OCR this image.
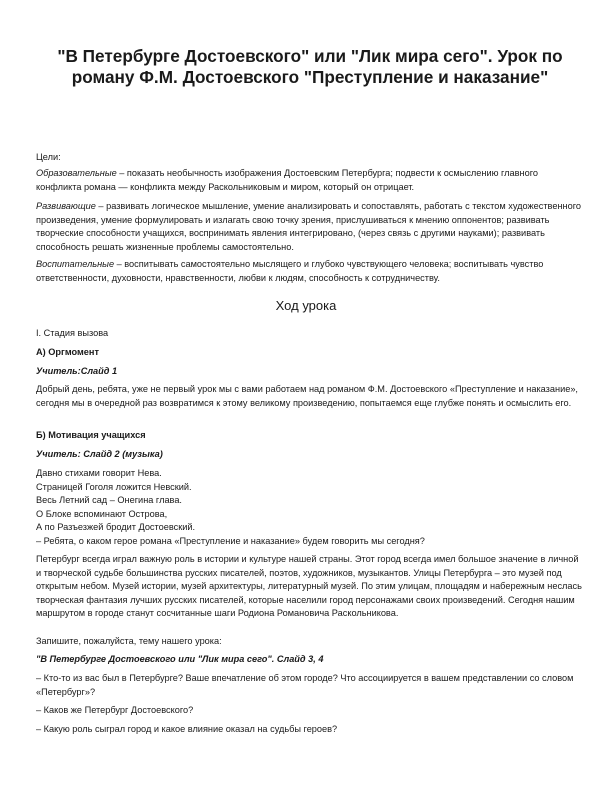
"В Петербурге Достоевского" или "Лик мира сего". Урок по роману Ф.М. Достоевского "Преступление и наказание"

Цели:

Образовательные – показать необычность изображения Достоевским Петербурга; подвести к осмыслению главного конфликта романа — конфликта между Раскольниковым и миром, который он отрицает.

Развивающие – развивать логическое мышление, умение анализировать и сопоставлять, работать с текстом художественного произведения, умение формулировать и излагать свою точку зрения, прислушиваться к мнению оппонентов; развивать творческие способности учащихся, воспринимать явления интегрировано, (через связь с другими науками); развивать способность решать жизненные проблемы самостоятельно.

Воспитательные – воспитывать самостоятельно мыслящего и глубоко чувствующего человека; воспитывать чувство ответственности, духовности, нравственности, любви к людям, способность к сотрудничеству.

Ход урока

I. Стадия вызова

А) Оргмомент

Учитель:Слайд 1

Добрый день, ребята, уже не первый урок мы с вами работаем над романом Ф.М. Достоевского «Преступление и наказание», сегодня мы в очередной раз возвратимся к этому великому произведению, попытаемся еще глубже понять и осмыслить его.

Б) Мотивация учащихся

Учитель: Слайд 2 (музыка)

Давно стихами говорит Нева.

Страницей Гоголя ложится Невский.

Весь Летний сад – Онегина глава.

О Блоке вспоминают Острова,

А по Разъезжей бродит Достоевский.

– Ребята, о каком герое романа «Преступление и наказание» будем говорить мы сегодня?

Петербург всегда играл важную роль в истории и культуре нашей страны. Этот город всегда имел большое значение в личной и творческой судьбе большинства русских писателей, поэтов, художников, музыкантов. Улицы Петербурга – это музей под открытым небом. Музей истории, музей архитектуры, литературный музей. По этим улицам, площадям и набережным неслась творческая фантазия лучших русских писателей, которые населили город персонажами своих произведений. Сегодня нашим маршрутом в городе станут сосчитанные шаги Родиона Романовича Раскольникова.

Запишите, пожалуйста, тему нашего урока:

"В Петербурге Достоевского или "Лик мира сего". Слайд 3, 4

– Кто-то из вас был в Петербурге? Ваше впечатление об этом городе? Что ассоциируется в вашем представлении со словом «Петербург»?

– Каков же Петербург Достоевского?

– Какую роль сыграл город и какое влияние оказал на судьбы героев?
